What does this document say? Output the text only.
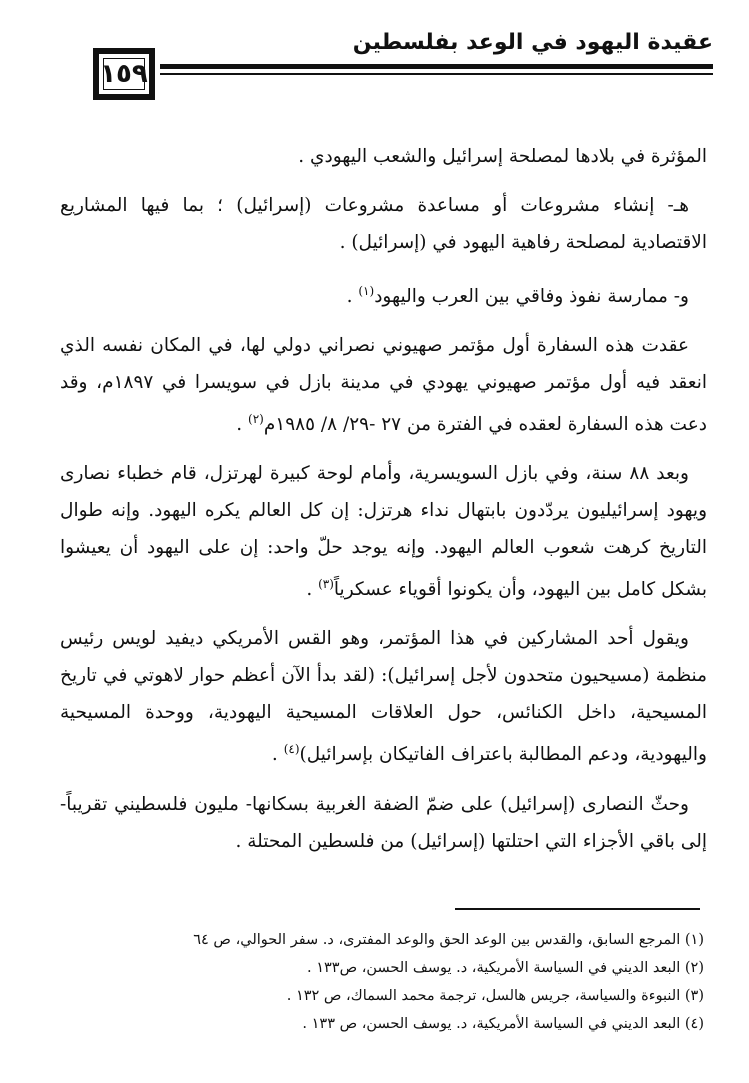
١٥٩
عقيدة اليهود في الوعد بفلسطين

المؤثرة في بلادها لمصلحة إسرائيل والشعب اليهودي .

هـ- إنشاء مشروعات أو مساعدة مشروعات (إسرائيل) ؛ بما فيها المشاريع الاقتصادية لمصلحة رفاهية اليهود في (إسرائيل) .

و- ممارسة نفوذ وفاقي بين العرب واليهود$^{(١)}$ .

عقدت هذه السفارة أول مؤتمر صهيوني نصراني دولي لها، في المكان نفسه الذي انعقد فيه أول مؤتمر صهيوني يهودي في مدينة بازل في سويسرا في ١٨٩٧م، وقد دعت هذه السفارة لعقده في الفترة من ٢٧ -٢٩/ ٨/ ١٩٨٥م$^{(٢)}$ .

وبعد ٨٨ سنة، وفي بازل السويسرية، وأمام لوحة كبيرة لهرتزل، قام خطباء نصارى ويهود إسرائيليون يردّدون بابتهال نداء هرتزل: إن كل العالم يكره اليهود. وإنه طوال التاريخ كرهت شعوب العالم اليهود. وإنه يوجد حلّ واحد: إن على اليهود أن يعيشوا بشكل كامل بين اليهود، وأن يكونوا أقوياء عسكرياً$^{(٣)}$ .

ويقول أحد المشاركين في هذا المؤتمر، وهو القس الأمريكي ديفيد لويس رئيس منظمة (مسيحيون متحدون لأجل إسرائيل): (لقد بدأ الآن أعظم حوار لاهوتي في تاريخ المسيحية، داخل الكنائس، حول العلاقات المسيحية اليهودية، ووحدة المسيحية واليهودية، ودعم المطالبة باعتراف الفاتيكان بإسرائيل)$^{(٤)}$ .

وحثّ النصارى (إسرائيل) على ضمّ الضفة الغربية بسكانها- مليون فلسطيني تقريباً- إلى باقي الأجزاء التي احتلتها (إسرائيل) من فلسطين المحتلة .

(١) المرجع السابق، والقدس بين الوعد الحق والوعد المفترى، د. سفر الحوالي، ص ٦٤
(٢) البعد الديني في السياسة الأمريكية، د. يوسف الحسن، ص١٣٣ .
(٣) النبوءة والسياسة، جريس هالسل، ترجمة محمد السماك، ص ١٣٢ .
(٤) البعد الديني في السياسة الأمريكية، د. يوسف الحسن، ص ١٣٣ .
